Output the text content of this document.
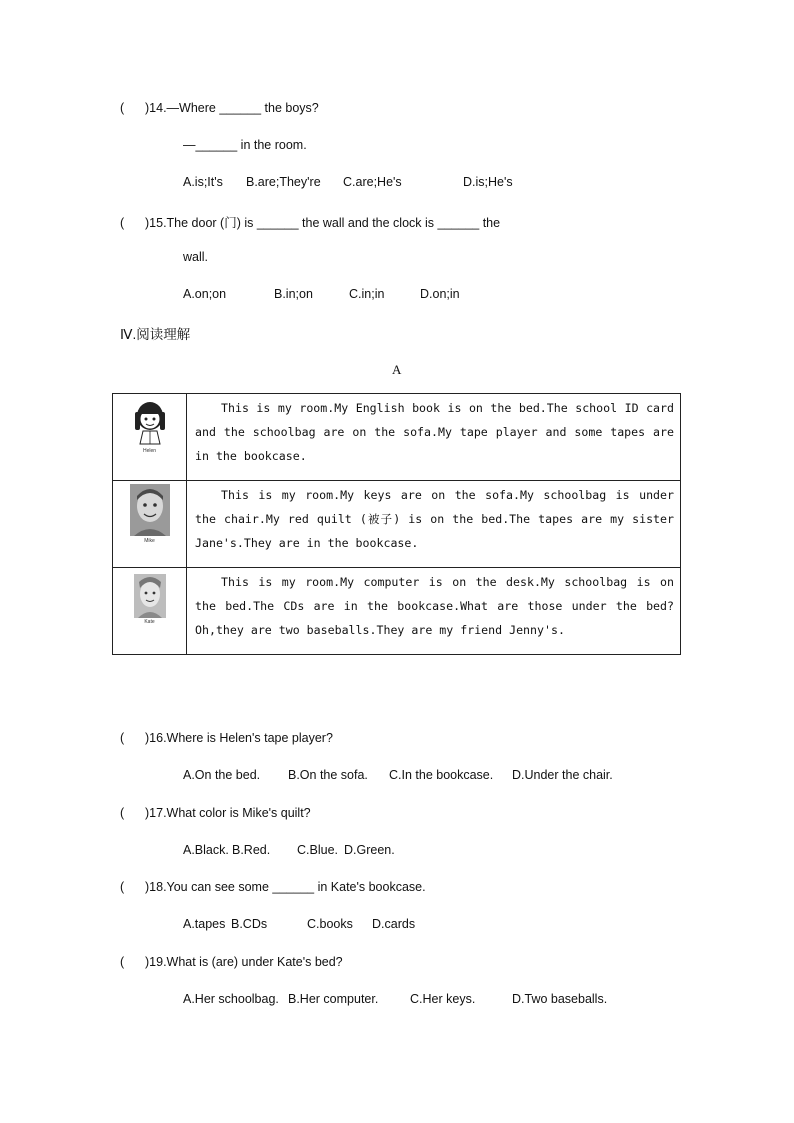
(      )14.—Where ______ the boys?
—______ in the room.
A.is;It's B.are;They're C.are;He's	D.is;He's
(      )15.The door (门) is ______ the wall and the clock is ______ the
wall.
A.on;on	B.in;on	C.in;in	D.on;in
Ⅳ.阅读理解
A
Helen	This is my room.My English book is on the bed.The school ID card and the schoolbag are on the sofa.My tape player and some tapes are in the bookcase.

Mike	This is my room.My keys are on the sofa.My schoolbag is under the chair.My red quilt (被子) is on the bed.The tapes are my sister Jane's.They are in the bookcase.

Kate	This is my room.My computer is on the desk.My schoolbag is on the bed.The CDs are in the bookcase.What are those under the bed?Oh,they are two baseballs.They are my friend Jenny's.
(      )16.Where is Helen's tape player?
A.On the bed. B.On the sofa. C.In the bookcase. D.Under the chair.
(      )17.What color is Mike's quilt?
A.Black. B.Red. C.Blue. D.Green.
(      )18.You can see some ______ in Kate's bookcase.
A.tapes B.CDs	C.books D.cards
(      )19.What is (are) under Kate's bed?
A.Her schoolbag. B.Her computer.	C.Her keys.	D.Two baseballs.
